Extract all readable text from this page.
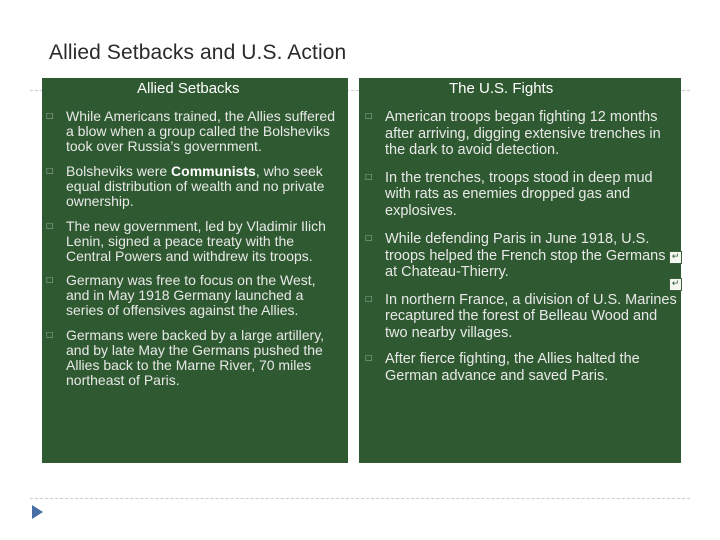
Allied Setbacks and U.S. Action
Allied Setbacks	The U.S. Fights
□ While Americans trained, the Allies suffered a blow when a group called the Bolsheviks took over Russia’s government.
□ Bolsheviks were Communists, who seek equal distribution of wealth and no private ownership.
□ The new government, led by Vladimir Ilich Lenin, signed a peace treaty with the Central Powers and withdrew its troops.
□ Germany was free to focus on the West, and in May 1918 Germany launched a series of offensives against the Allies.
□ Germans were backed by a large artillery, and by late May the Germans pushed the Allies back to the Marne River, 70 miles northeast of Paris.
□ American troops began fighting 12 months after arriving, digging extensive trenches in the dark to avoid detection.
□ In the trenches, troops stood in deep mud with rats as enemies dropped gas and explosives.
□ While defending Paris in June 1918, U.S. troops helped the French stop the Germans at Chateau-Thierry.
□ In northern France, a division of U.S. Marines recaptured the forest of Belleau Wood and two nearby villages.
□ After fierce fighting, the Allies halted the German advance and saved Paris.
↵
↵
